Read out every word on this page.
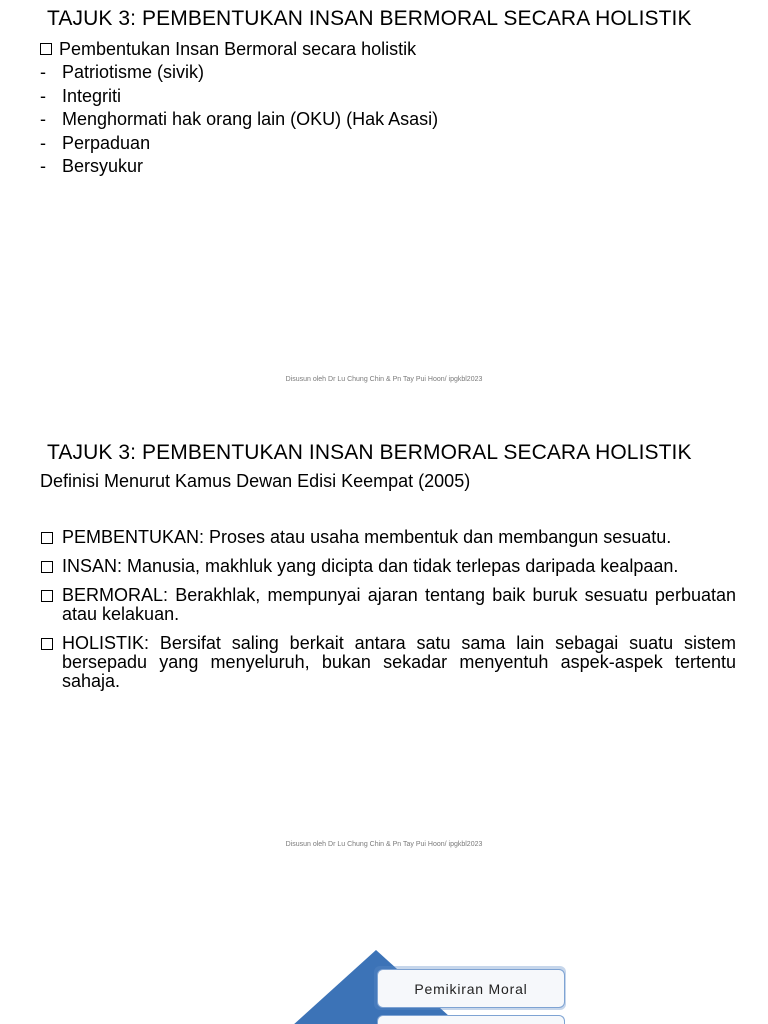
TAJUK 3: PEMBENTUKAN INSAN BERMORAL SECARA HOLISTIK
Pembentukan Insan Bermoral secara holistik
- Patriotisme (sivik)
- Integriti
- Menghormati hak orang lain (OKU) (Hak Asasi)
- Perpaduan
- Bersyukur
Disusun oleh Dr Lu Chung Chin & Pn Tay Pui Hoon/ ipgkbl2023
TAJUK 3: PEMBENTUKAN INSAN BERMORAL SECARA HOLISTIK
Definisi Menurut Kamus Dewan Edisi Keempat (2005)
PEMBENTUKAN: Proses atau usaha membentuk dan membangun sesuatu.
INSAN: Manusia, makhluk yang dicipta dan tidak terlepas daripada kealpaan.
BERMORAL: Berakhlak, mempunyai ajaran tentang baik buruk sesuatu perbuatan atau kelakuan.
HOLISTIK: Bersifat saling berkait antara satu sama lain sebagai suatu sistem bersepadu yang menyeluruh, bukan sekadar menyentuh aspek-aspek tertentu sahaja.
Disusun oleh Dr Lu Chung Chin & Pn Tay Pui Hoon/ ipgkbl2023
Pemikiran Moral
